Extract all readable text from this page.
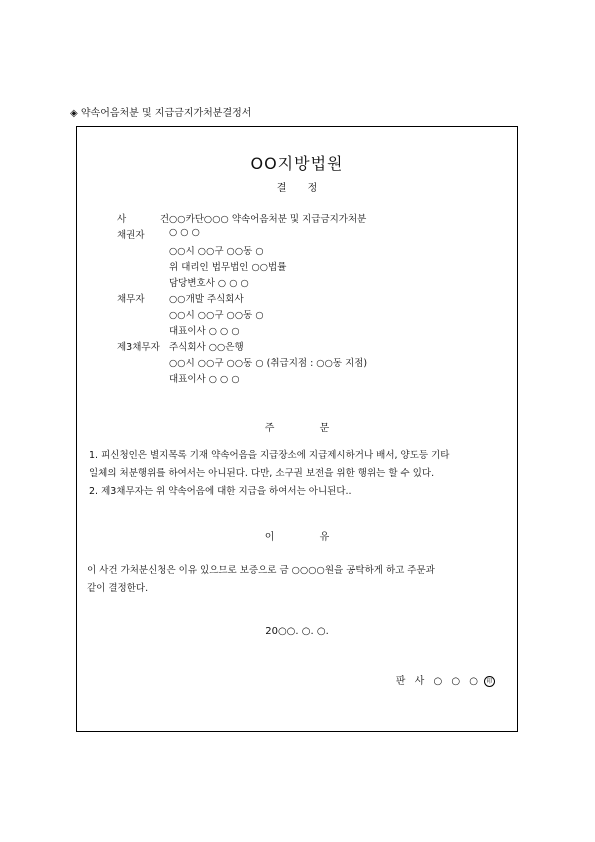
◈ 약속어음처분 및 지급금지가처분결정서
OO지방법원
결 정
사 건 ○○카단○○○ 약속어음처분 및 지급금지가처분
채권자	○ ○ ○
○○시 ○○구 ○○동 ○
위 대리인 법무법인 ○○법률
담당변호사 ○ ○ ○
채무자	○○개발 주식회사
○○시 ○○구 ○○동 ○
대표이사 ○ ○ ○
제3채무자 주식회사 ○○은행
○○시 ○○구 ○○동 ○ (취급지점 : ○○동 지점)
대표이사 ○ ○ ○
주 문
1. 피신청인은 별지목록 기재 약속어음을 지급장소에 지급제시하거나 배서, 양도등 기타
일체의 처분행위를 하여서는 아니된다. 다만, 소구권 보전을 위한 행위는 할 수 있다.
2. 제3채무자는 위 약속어음에 대한 지급을 하여서는 아니된다..
이 유
이 사건 가처분신청은 이유 있으므로 보증으로 금 ○○○○원을 공탁하게 하고 주문과
같이 결정한다.
20○○. ○. ○.
판 사 ○ ○ ○ 印
